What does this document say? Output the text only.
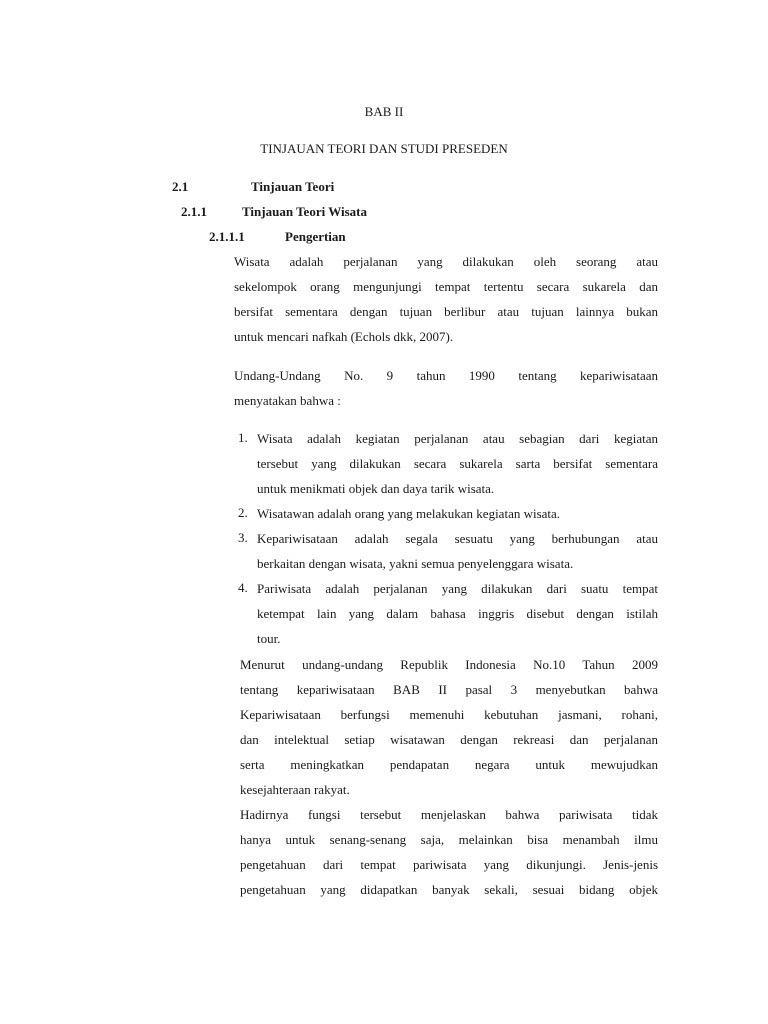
BAB II
TINJAUAN TEORI DAN STUDI PRESEDEN
2.1	Tinjauan Teori
2.1.1	Tinjauan Teori Wisata
2.1.1.1	Pengertian
Wisata adalah perjalanan yang dilakukan oleh seorang atau
sekelompok orang mengunjungi tempat tertentu secara sukarela dan
bersifat sementara dengan tujuan berlibur atau tujuan lainnya bukan
untuk mencari nafkah (Echols dkk, 2007).
Undang-Undang No. 9 tahun 1990 tentang kepariwisataan
menyatakan bahwa :
1. Wisata adalah kegiatan perjalanan atau sebagian dari kegiatan
tersebut yang dilakukan secara sukarela sarta bersifat sementara
untuk menikmati objek dan daya tarik wisata.
2. Wisatawan adalah orang yang melakukan kegiatan wisata.
3. Kepariwisataan adalah segala sesuatu yang berhubungan atau
berkaitan dengan wisata, yakni semua penyelenggara wisata.
4. Pariwisata adalah perjalanan yang dilakukan dari suatu tempat
ketempat lain yang dalam bahasa inggris disebut dengan istilah
tour.
Menurut undang-undang Republik Indonesia No.10 Tahun 2009
tentang kepariwisataan BAB II pasal 3 menyebutkan bahwa
Kepariwisataan berfungsi memenuhi kebutuhan jasmani, rohani,
dan intelektual setiap wisatawan dengan rekreasi dan perjalanan
serta meningkatkan pendapatan negara untuk mewujudkan
kesejahteraan rakyat.
Hadirnya fungsi tersebut menjelaskan bahwa pariwisata tidak
hanya untuk senang-senang saja, melainkan bisa menambah ilmu
pengetahuan dari tempat pariwisata yang dikunjungi. Jenis-jenis
pengetahuan yang didapatkan banyak sekali, sesuai bidang objek
